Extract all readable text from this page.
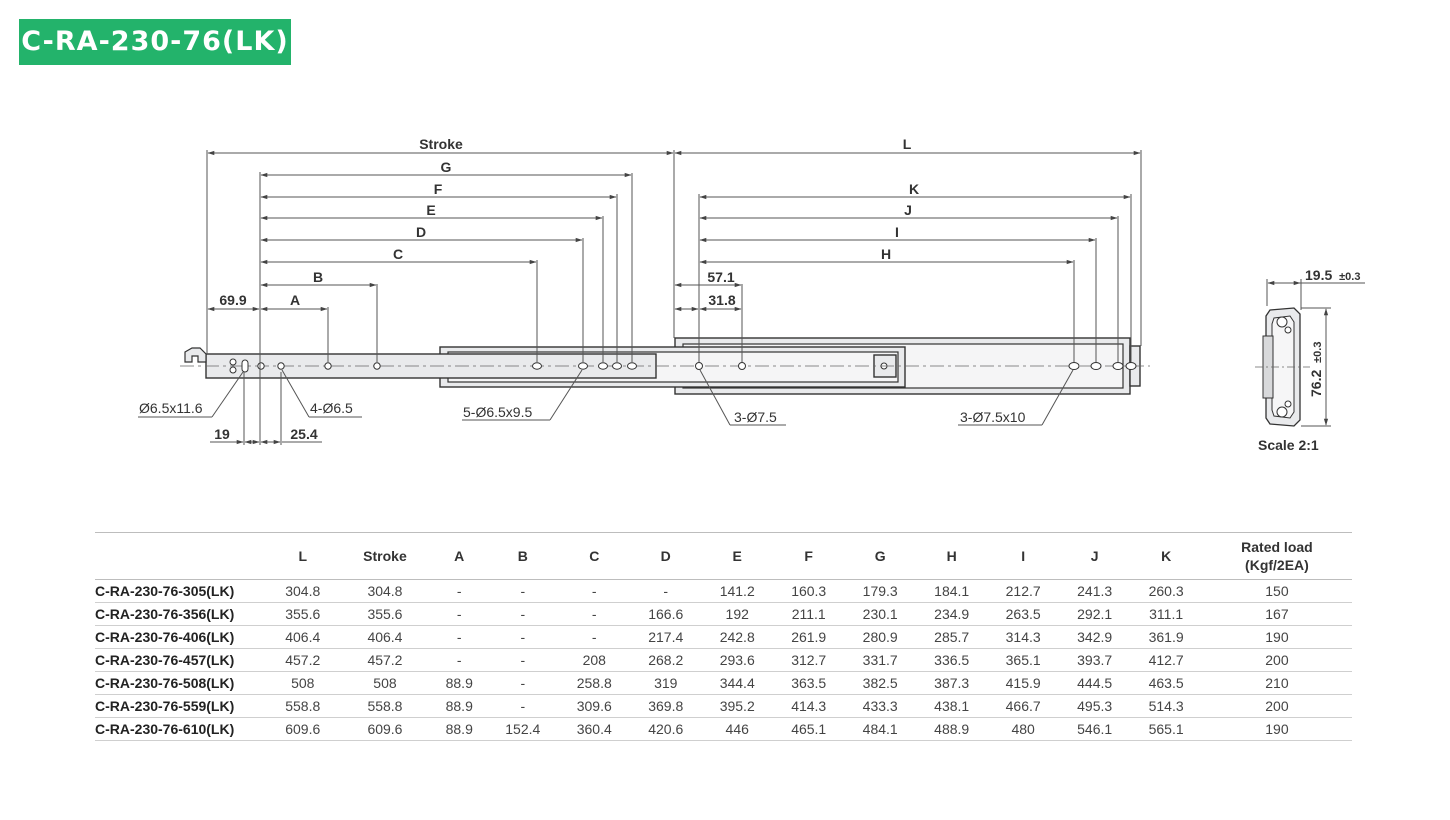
C-RA-230-76(LK)
Stroke	L
G
F
E
D
C
B
A
K
J
I
H
69.9
57.1
31.8
19	25.4
Ø6.5x11.6	4-Ø6.5	5-Ø6.5x9.5	3-Ø7.5	3-Ø7.5x10
19.5 ±0.3
76.2 ±0.3
Scale 2:1
	L	Stroke	A	B	C	D	E	F	G	H	I	J	K	Rated load
(Kgf/2EA)
C-RA-230-76-305(LK)	304.8	304.8	-	-	-	-	141.2	160.3	179.3	184.1	212.7	241.3	260.3	150
C-RA-230-76-356(LK)	355.6	355.6	-	-	-	166.6	192	211.1	230.1	234.9	263.5	292.1	311.1	167
C-RA-230-76-406(LK)	406.4	406.4	-	-	-	217.4	242.8	261.9	280.9	285.7	314.3	342.9	361.9	190
C-RA-230-76-457(LK)	457.2	457.2	-	-	208	268.2	293.6	312.7	331.7	336.5	365.1	393.7	412.7	200
C-RA-230-76-508(LK)	508	508	88.9	-	258.8	319	344.4	363.5	382.5	387.3	415.9	444.5	463.5	210
C-RA-230-76-559(LK)	558.8	558.8	88.9	-	309.6	369.8	395.2	414.3	433.3	438.1	466.7	495.3	514.3	200
C-RA-230-76-610(LK)	609.6	609.6	88.9	152.4	360.4	420.6	446	465.1	484.1	488.9	480	546.1	565.1	190
